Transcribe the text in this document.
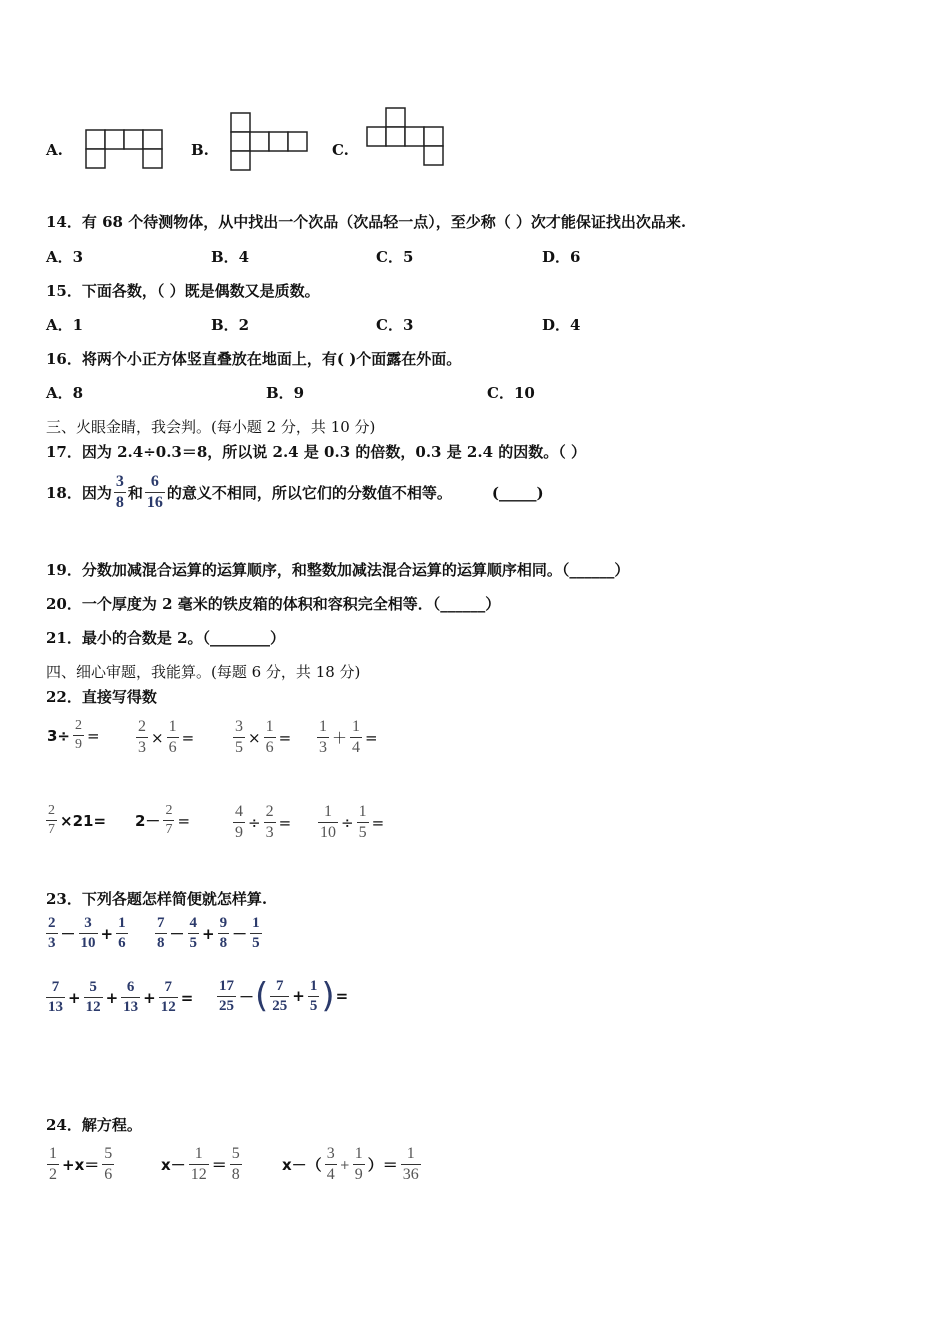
A.	B.	C.
14．有 68 个待测物体，从中找出一个次品（次品轻一点），至少称（ ）次才能保证找出次品来.
A．3	B．4	C．5	D．6
15．下面各数，（ ）既是偶数又是质数。
A．1	B．2	C．3	D．4
16．将两个小正方体竖直叠放在地面上，有( )个面露在外面。
A．8	B．9	C．10
三、火眼金睛，我会判。(每小题 2 分，共 10 分)
17．因为 2.4÷0.3＝8，所以说 2.4 是 0.3 的倍数，0.3 是 2.4 的因数。（ ）
18．因为 $\frac{3}{8}$ 和 $\frac{6}{16}$ 的意义不相同，所以它们的分数值不相等。	(_____)
19．分数加减混合运算的运算顺序，和整数加减法混合运算的运算顺序相同。（______）
20．一个厚度为 2 毫米的铁皮箱的体积和容积完全相等．（______）
21．最小的合数是 2。（________）
四、细心审题，我能算。(每题 6 分，共 18 分)
22．直接写得数
$3\div \frac{2}{9} = \frac{2}{3} \times \frac{1}{6} = \frac{3}{5} \times \frac{1}{6} = \frac{1}{3} + \frac{1}{4}$ =
$\frac{2}{7} \times 21= 2- \frac{2}{7}$ =	$\frac{4}{9} \div \frac{2}{3} = \frac{1}{10} \div \frac{1}{5}$ =
23．下列各题怎样简便就怎样算.
$\frac{2}{3} - \frac{3}{10} + \frac{1}{6} \frac{7}{8} - \frac{4}{5} + \frac{9}{8} - \frac{1}{5}$
$\frac{7}{13} + \frac{5}{12} + \frac{6}{13} + \frac{7}{12} = \frac{17}{25}$ － ( $\frac{7}{25} + \frac{1}{5}$ ) =
24．解方程。
$\frac{1}{2} +x= \frac{5}{6}$	$x- \frac{1}{12} = \frac{5}{8}$	$x-( \frac{3}{4} + \frac{1}{9}$ ）＝ $\frac{1}{36}$
